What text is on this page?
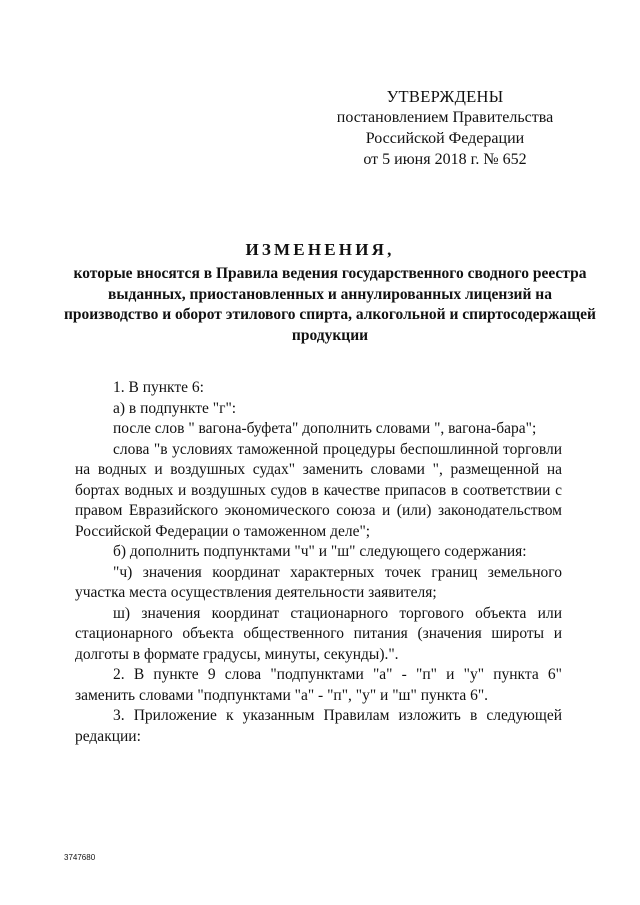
УТВЕРЖДЕНЫ
постановлением Правительства
Российской Федерации
от 5 июня 2018 г. № 652
ИЗМЕНЕНИЯ,
которые вносятся в Правила ведения государственного сводного реестра выданных, приостановленных и аннулированных лицензий на производство и оборот этилового спирта, алкогольной и спиртосодержащей продукции

1. В пункте 6:

а) в подпункте "г":

после слов " вагона-буфета" дополнить словами ", вагона-бара";

слова "в условиях таможенной процедуры беспошлинной торговли на водных и воздушных судах" заменить словами ", размещенной на бортах водных и воздушных судов в качестве припасов в соответствии с правом Евразийского экономического союза и (или) законодательством Российской Федерации о таможенном деле";

б) дополнить подпунктами "ч" и "ш" следующего содержания:

"ч) значения координат характерных точек границ земельного участка места осуществления деятельности заявителя;

ш) значения координат стационарного торгового объекта или стационарного объекта общественного питания (значения широты и долготы в формате градусы, минуты, секунды).".

2. В пункте 9 слова "подпунктами "а" - "п" и "у" пункта 6" заменить словами "подпунктами "а" - "п", "у" и "ш" пункта 6".

3. Приложение к указанным Правилам изложить в следующей редакции:

3747680
